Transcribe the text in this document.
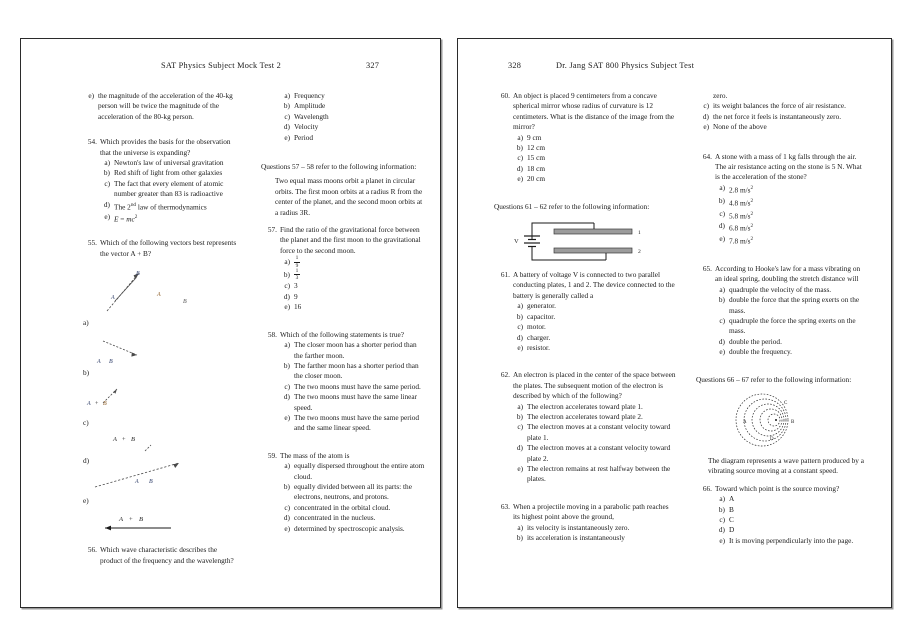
SAT Physics Subject Mock Test 2	327
e) the magnitude of the acceleration of the 40-kg person will be twice the magnitude of the acceleration of the 80-kg person.
54. Which provides the basis for the observation that the universe is expanding?
a) Newton's law of universal gravitation
b) Red shift of light from other galaxies
c) The fact that every element of atomic number greater than 83 is radioactive
d) The 2nd law of thermodynamics
e) $E = mc^2$
55. Which of the following vectors best represents the vector A + B?
A
B
A
B
a)
A B
b)
A + B
c)
A + B
d)
A B
e)
A + B
56. Which wave characteristic describes the product of the frequency and the wavelength?
a) Frequency
b) Amplitude
c) Wavelength
d) Velocity
e) Period
Questions 57 – 58 refer to the following information:
Two equal mass moons orbit a planet in circular orbits. The first moon orbits at a radius R from the center of the planet, and the second moon orbits at a radius 3R.
57. Find the ratio of the gravitational force between the planet and the first moon to the gravitational force to the second moon.
$a) \frac{1}{9}$
$b) \frac{1}{3}$
c) 3
d) 9
e) 16
58. Which of the following statements is true?
a) The closer moon has a shorter period than the farther moon.
b) The farther moon has a shorter period than the closer moon.
c) The two moons must have the same period.
d) The two moons must have the same linear speed.
e) The two moons must have the same period and the same linear speed.
59. The mass of the atom is
a) equally dispersed throughout the entire atom cloud.
b) equally divided between all its parts: the electrons, neutrons, and protons.
c) concentrated in the orbital cloud.
d) concentrated in the nucleus.
e) determined by spectroscopic analysis.
328	Dr. Jang SAT 800 Physics Subject Test
60. An object is placed 9 centimeters from a concave spherical mirror whose radius of curvature is 12 centimeters. What is the distance of the image from the mirror?
a) 9 cm
b) 12 cm
c) 15 cm
d) 18 cm
e) 20 cm
Questions 61 – 62 refer to the following information:
V
1
2
61. A battery of voltage V is connected to two parallel conducting plates, 1 and 2. The device connected to the battery is generally called a
a) generator.
b) capacitor.
c) motor.
d) charger.
e) resistor.
62. An electron is placed in the center of the space between the plates. The subsequent motion of the electron is described by which of the following?
a) The electron accelerates toward plate 1.
b) The electron accelerates toward plate 2.
c) The electron moves at a constant velocity toward plate 1.
d) The electron moves at a constant velocity toward plate 2.
e) The electron remains at rest halfway between the plates.
63. When a projectile moving in a parabolic path reaches its highest point above the ground,
a) its velocity is instantaneously zero.
b) its acceleration is instantaneously
zero.
c) its weight balances the force of air resistance.
d) the net force it feels is instantaneously zero.
e) None of the above
64. A stone with a mass of 1 kg falls through the air. The air resistance acting on the stone is 5 N. What is the acceleration of the stone?
a) 2.8 $m/s^2$
b) 4.8 $m/s^2$
c) 5.8 $m/s^2$
d) 6.8 $m/s^2$
e) 7.8 $m/s^2$
65. According to Hooke's law for a mass vibrating on an ideal spring, doubling the stretch distance will
a) quadruple the velocity of the mass.
b) double the force that the spring exerts on the mass.
c) quadruple the force the spring exerts on the mass.
d) double the period.
e) double the frequency.
Questions 66 – 67 refer to the following information:
C
A	B
D
The diagram represents a wave pattern produced by a vibrating source moving at a constant speed.
66. Toward which point is the source moving?
a) A
b) B
c) C
d) D
e) It is moving perpendicularly into the page.
